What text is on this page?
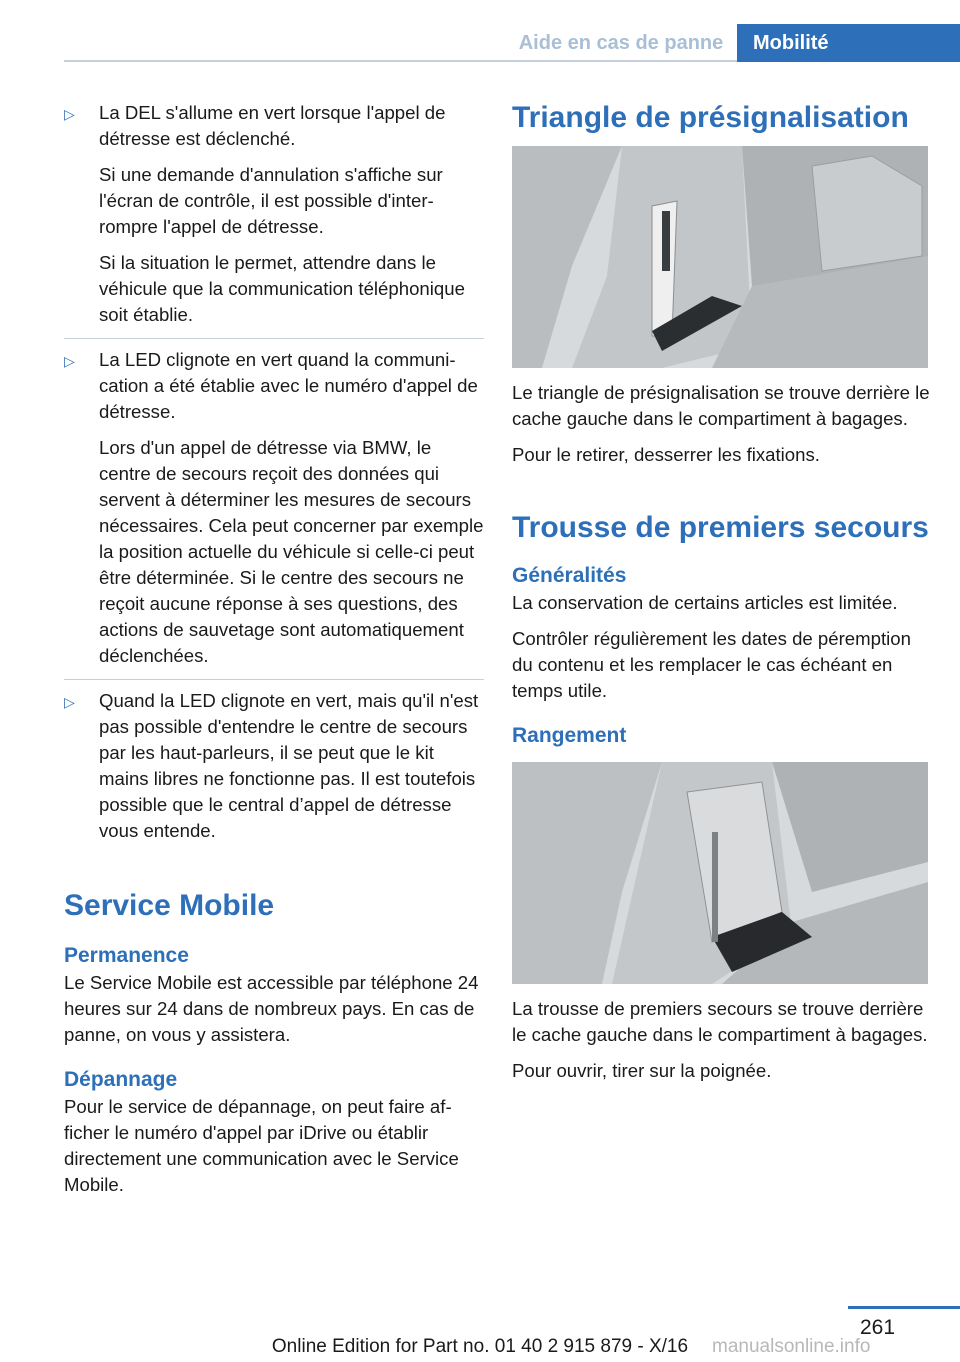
Aide en cas de panne	Mobilité
▷	La DEL s'allume en vert lorsque l'appel de détresse est déclenché.

Si une demande d'annulation s'affiche sur l'écran de contrôle, il est possible d'interrompre l'appel de détresse.

Si la situation le permet, attendre dans le véhicule que la communication téléphonique soit établie.

▷	La LED clignote en vert quand la communication a été établie avec le numéro d'appel de détresse.

Lors d'un appel de détresse via BMW, le centre de secours reçoit des données qui servent à déterminer les mesures de secours nécessaires. Cela peut concerner par exemple la position actuelle du véhicule si celle-ci peut être déterminée. Si le centre des secours ne reçoit aucune réponse à ses questions, des actions de sauvetage sont automatiquement déclenchées.

▷	Quand la LED clignote en vert, mais qu'il n'est pas possible d'entendre le centre de secours par les haut-parleurs, il se peut que le kit mains libres ne fonctionne pas. Il est toutefois possible que le central d’appel de détresse vous entende.

Service Mobile
Permanence

Le Service Mobile est accessible par téléphone 24 heures sur 24 dans de nombreux pays. En cas de panne, on vous y assistera.

Dépannage

Pour le service de dépannage, on peut faire afficher le numéro d'appel par iDrive ou établir directement une communication avec le Service Mobile.

Triangle de présignalisation

Le triangle de présignalisation se trouve derrière le cache gauche dans le compartiment à bagages.

Pour le retirer, desserrer les fixations.

Trousse de premiers secours
Généralités

La conservation de certains articles est limitée.

Contrôler régulièrement les dates de péremption du contenu et les remplacer le cas échéant en temps utile.

Rangement

La trousse de premiers secours se trouve derrière le cache gauche dans le compartiment à bagages.

Pour ouvrir, tirer sur la poignée.

261
Online Edition for Part no. 01 40 2 915 879 - X/16	manualsonline.info
